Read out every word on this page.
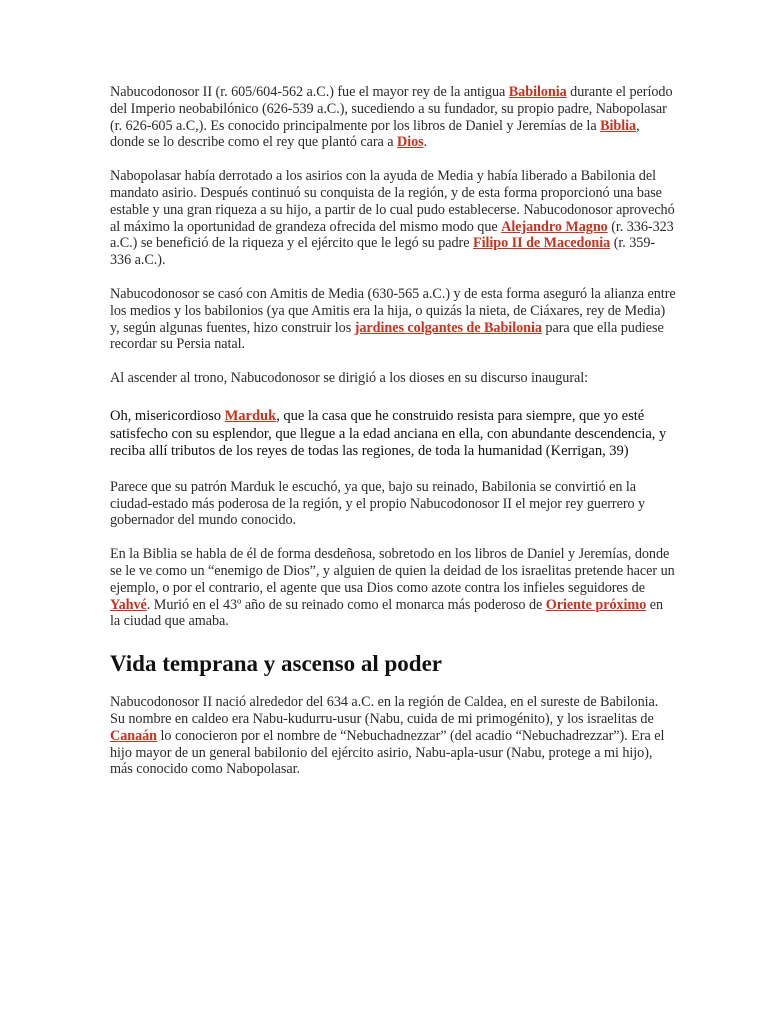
Nabucodonosor II (r. 605/604-562 a.C.) fue el mayor rey de la antigua Babilonia durante el período del Imperio neobabilónico (626-539 a.C.), sucediendo a su fundador, su propio padre, Nabopolasar (r. 626-605 a.C,). Es conocido principalmente por los libros de Daniel y Jeremías de la Biblia, donde se lo describe como el rey que plantó cara a Dios.

Nabopolasar había derrotado a los asirios con la ayuda de Media y había liberado a Babilonia del mandato asirio. Después continuó su conquista de la región, y de esta forma proporcionó una base estable y una gran riqueza a su hijo, a partir de lo cual pudo establecerse. Nabucodonosor aprovechó al máximo la oportunidad de grandeza ofrecida del mismo modo que Alejandro Magno (r. 336-323 a.C.) se benefició de la riqueza y el ejército que le legó su padre Filipo II de Macedonia (r. 359-336 a.C.).

Nabucodonosor se casó con Amitis de Media (630-565 a.C.) y de esta forma aseguró la alianza entre los medios y los babilonios (ya que Amitis era la hija, o quizás la nieta, de Ciáxares, rey de Media) y, según algunas fuentes, hizo construir los jardines colgantes de Babilonia para que ella pudiese recordar su Persia natal.

Al ascender al trono, Nabucodonosor se dirigió a los dioses en su discurso inaugural:

Oh, misericordioso Marduk, que la casa que he construido resista para siempre, que yo esté satisfecho con su esplendor, que llegue a la edad anciana en ella, con abundante descendencia, y reciba allí tributos de los reyes de todas las regiones, de toda la humanidad (Kerrigan, 39)

Parece que su patrón Marduk le escuchó, ya que, bajo su reinado, Babilonia se convirtió en la ciudad-estado más poderosa de la región, y el propio Nabucodonosor II el mejor rey guerrero y gobernador del mundo conocido.

En la Biblia se habla de él de forma desdeñosa, sobretodo en los libros de Daniel y Jeremías, donde se le ve como un “enemigo de Dios”, y alguien de quien la deidad de los israelitas pretende hacer un ejemplo, o por el contrario, el agente que usa Dios como azote contra los infieles seguidores de Yahvé. Murió en el 43º año de su reinado como el monarca más poderoso de Oriente próximo en la ciudad que amaba.

Vida temprana y ascenso al poder

Nabucodonosor II nació alrededor del 634 a.C. en la región de Caldea, en el sureste de Babilonia. Su nombre en caldeo era Nabu-kudurru-usur (Nabu, cuida de mi primogénito), y los israelitas de Canaán lo conocieron por el nombre de “Nebuchadnezzar” (del acadio “Nebuchadrezzar”). Era el hijo mayor de un general babilonio del ejército asirio, Nabu-apla-usur (Nabu, protege a mi hijo), más conocido como Nabopolasar.
